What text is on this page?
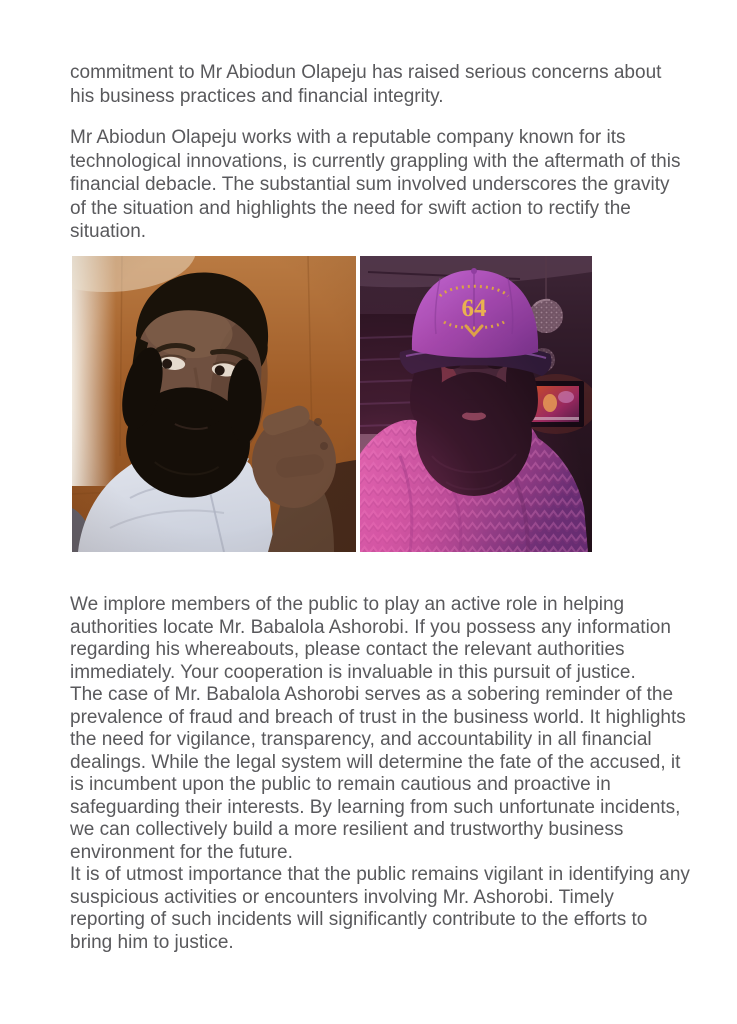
commitment to Mr Abiodun Olapeju has raised serious concerns about his business practices and financial integrity.

Mr Abiodun Olapeju works with a reputable company known for its technological innovations, is currently grappling with the aftermath of this financial debacle. The substantial sum involved underscores the gravity of the situation and highlights the need for swift action to rectify the situation.

We implore members of the public to play an active role in helping authorities locate Mr. Babalola Ashorobi. If you possess any information regarding his whereabouts, please contact the relevant authorities immediately. Your cooperation is invaluable in this pursuit of justice.

The case of Mr. Babalola Ashorobi serves as a sobering reminder of the prevalence of fraud and breach of trust in the business world. It highlights the need for vigilance, transparency, and accountability in all financial dealings. While the legal system will determine the fate of the accused, it is incumbent upon the public to remain cautious and proactive in safeguarding their interests. By learning from such unfortunate incidents, we can collectively build a more resilient and trustworthy business environment for the future.

It is of utmost importance that the public remains vigilant in identifying any suspicious activities or encounters involving Mr. Ashorobi. Timely reporting of such incidents will significantly contribute to the efforts to bring him to justice.
